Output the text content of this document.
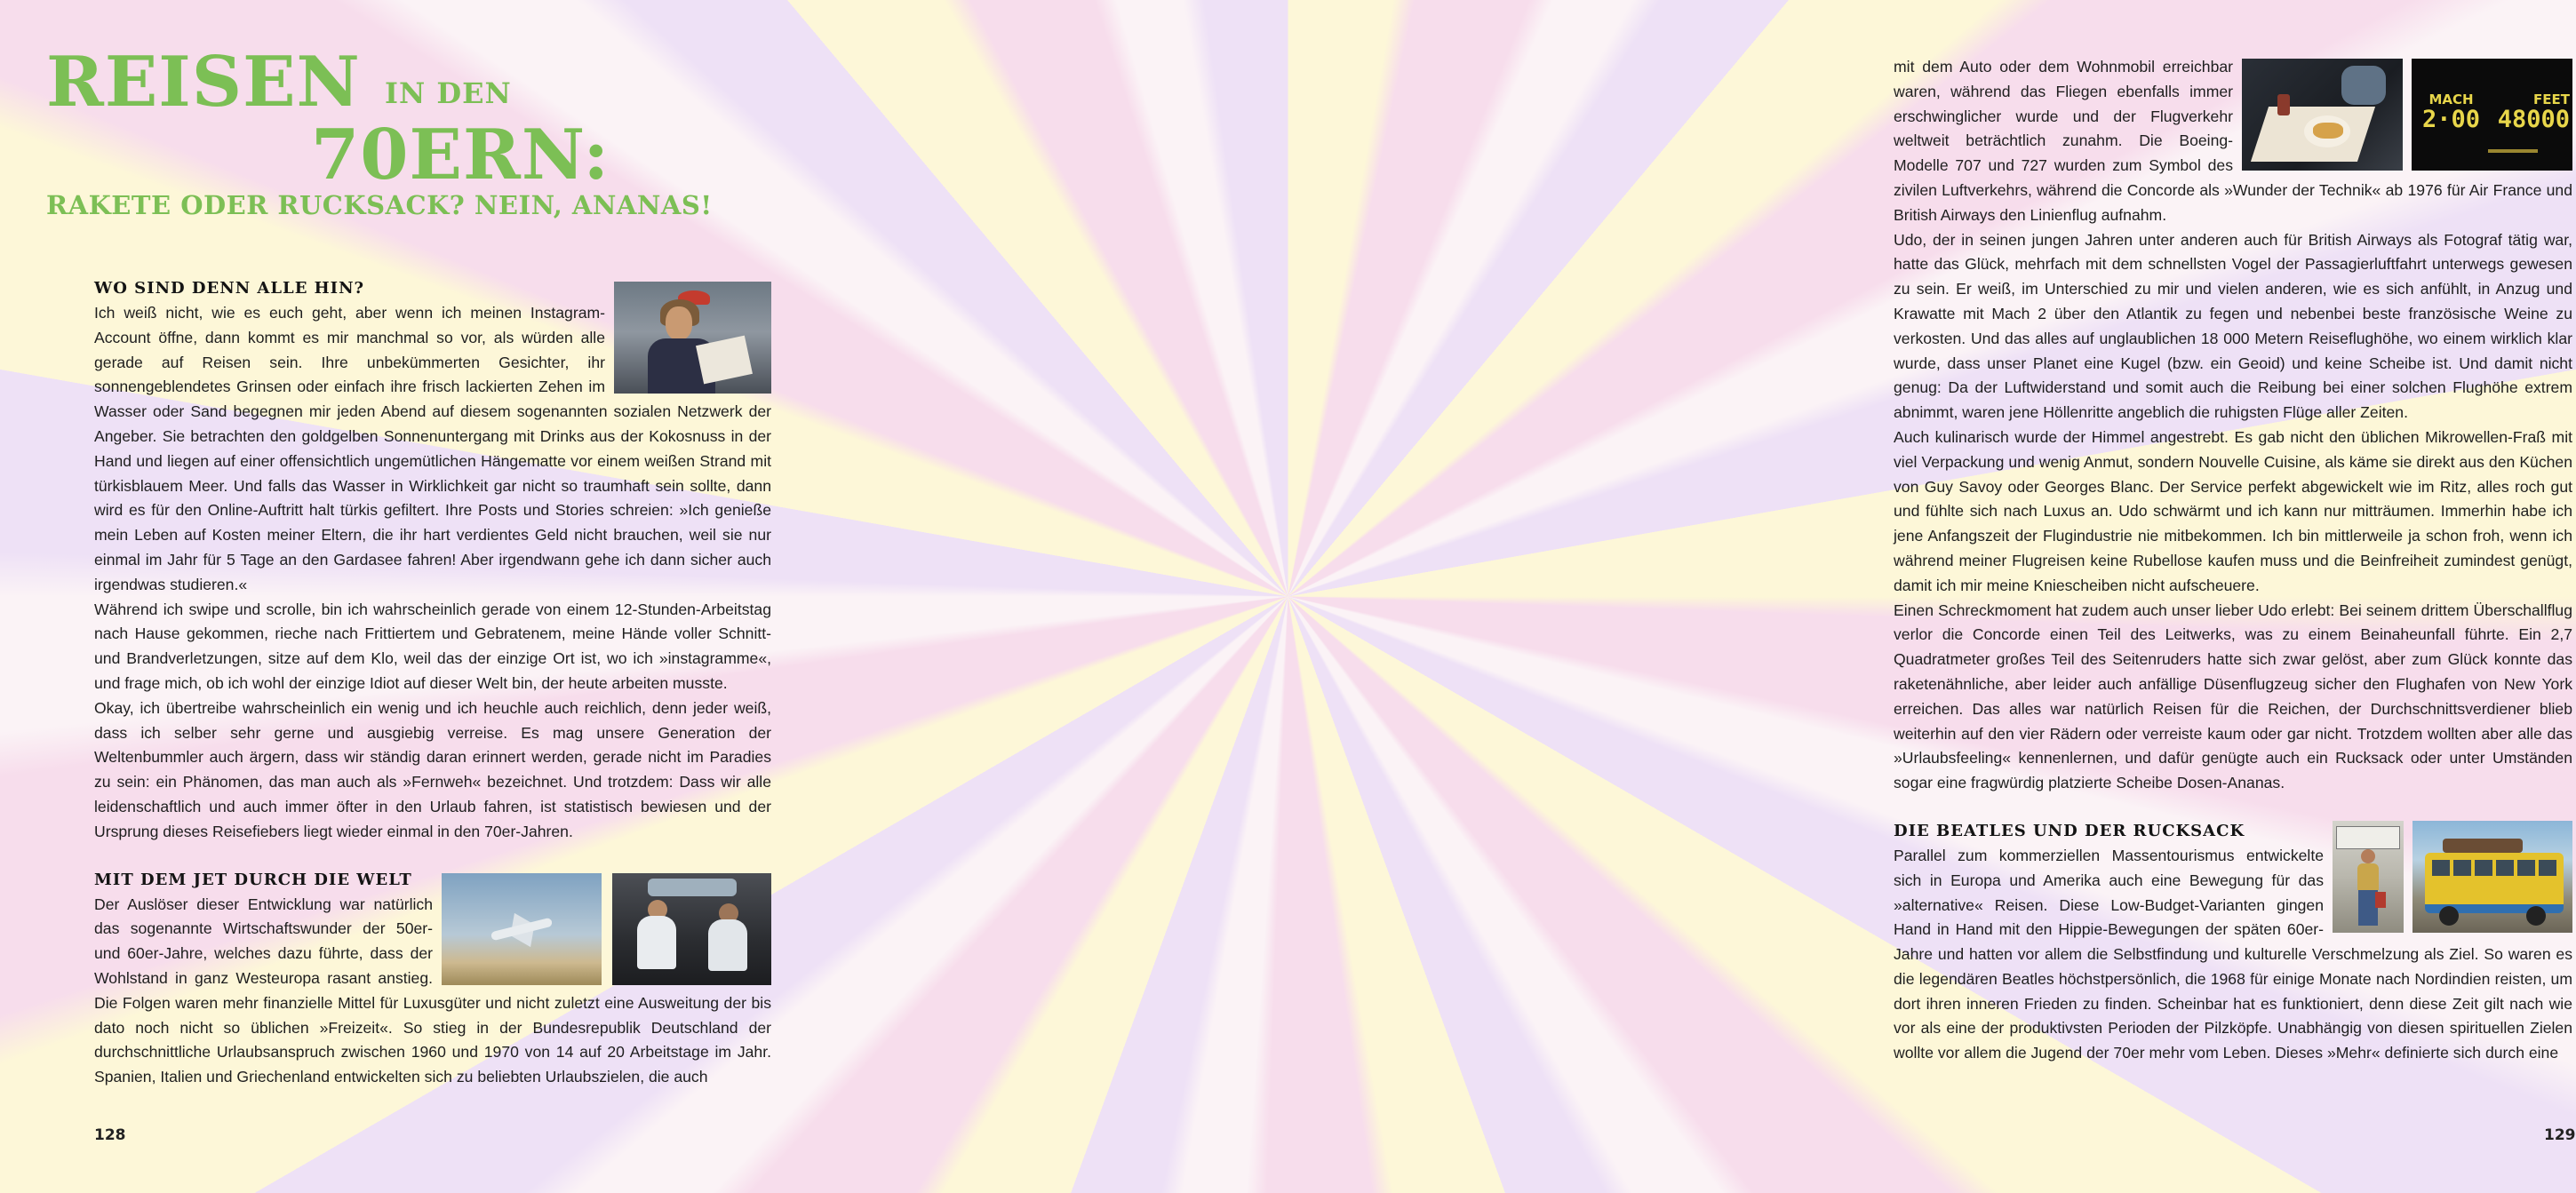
REISEN IN DEN
70ERN:
RAKETE ODER RUCKSACK? NEIN, ANANAS!
WO SIND DENN ALLE HIN?

Ich weiß nicht, wie es euch geht, aber wenn ich meinen Instagram-Account öffne, dann kommt es mir manchmal so vor, als würden alle gerade auf Reisen sein. Ihre unbekümmerten Gesichter, ihr sonnengeblendetes Grinsen oder einfach ihre frisch lackierten Zehen im Wasser oder Sand begegnen mir jeden Abend auf diesem sogenannten sozialen Netzwerk der Angeber. Sie betrachten den goldgelben Sonnenuntergang mit Drinks aus der Kokosnuss in der Hand und liegen auf einer offensichtlich ungemütlichen Hängematte vor einem weißen Strand mit türkisblauem Meer. Und falls das Wasser in Wirklichkeit gar nicht so traumhaft sein sollte, dann wird es für den Online-Auftritt halt türkis gefiltert. Ihre Posts und Stories schreien: »Ich genieße mein Leben auf Kosten meiner Eltern, die ihr hart verdientes Geld nicht brauchen, weil sie nur einmal im Jahr für 5 Tage an den Gardasee fahren! Aber irgendwann gehe ich dann sicher auch irgendwas studieren.«

Während ich swipe und scrolle, bin ich wahrscheinlich gerade von einem 12-Stunden-Arbeitstag nach Hause gekommen, rieche nach Frittiertem und Gebratenem, meine Hände voller Schnitt- und Brandverletzungen, sitze auf dem Klo, weil das der einzige Ort ist, wo ich »instagramme«, und frage mich, ob ich wohl der einzige Idiot auf dieser Welt bin, der heute arbeiten musste.

Okay, ich übertreibe wahrscheinlich ein wenig und ich heuchle auch reichlich, denn jeder weiß, dass ich selber sehr gerne und ausgiebig verreise. Es mag unsere Generation der Weltenbummler auch ärgern, dass wir ständig daran erinnert werden, gerade nicht im Paradies zu sein: ein Phänomen, das man auch als »Fernweh« bezeichnet. Und trotzdem: Dass wir alle leidenschaftlich und auch immer öfter in den Urlaub fahren, ist statistisch bewiesen und der Ursprung dieses Reisefiebers liegt wieder einmal in den 70er-Jahren.

MIT DEM JET DURCH DIE WELT

Der Auslöser dieser Entwicklung war natürlich das sogenannte Wirtschaftswunder der 50er- und 60er-Jahre, welches dazu führte, dass der Wohlstand in ganz Westeuropa rasant anstieg. Die Folgen waren mehr finanzielle Mittel für Luxusgüter und nicht zuletzt eine Ausweitung der bis dato noch nicht so üblichen »Freizeit«. So stieg in der Bundesrepublik Deutschland der durchschnittliche Urlaubsanspruch zwischen 1960 und 1970 von 14 auf 20 Arbeitstage im Jahr. Spanien, Italien und Griechenland entwickelten sich zu beliebten Urlaubszielen, die auch

128
MACH
2·00
FEET
48000

mit dem Auto oder dem Wohnmobil erreichbar waren, während das Fliegen ebenfalls immer erschwinglicher wurde und der Flugverkehr weltweit beträchtlich zunahm. Die Boeing-Modelle 707 und 727 wurden zum Symbol des zivilen Luftverkehrs, während die Concorde als »Wunder der Technik« ab 1976 für Air France und British Airways den Linienflug aufnahm.

Udo, der in seinen jungen Jahren unter anderen auch für British Airways als Fotograf tätig war, hatte das Glück, mehrfach mit dem schnellsten Vogel der Passagierluftfahrt unterwegs gewesen zu sein. Er weiß, im Unterschied zu mir und vielen anderen, wie es sich anfühlt, in Anzug und Krawatte mit Mach 2 über den Atlantik zu fegen und nebenbei beste französische Weine zu verkosten. Und das alles auf unglaublichen 18 000 Metern Reiseflughöhe, wo einem wirklich klar wurde, dass unser Planet eine Kugel (bzw. ein Geoid) und keine Scheibe ist. Und damit nicht genug: Da der Luftwiderstand und somit auch die Reibung bei einer solchen Flughöhe extrem abnimmt, waren jene Höllenritte angeblich die ruhigsten Flüge aller Zeiten.

Auch kulinarisch wurde der Himmel angestrebt. Es gab nicht den üblichen Mikrowellen-Fraß mit viel Verpackung und wenig Anmut, sondern Nouvelle Cuisine, als käme sie direkt aus den Küchen von Guy Savoy oder Georges Blanc. Der Service perfekt abgewickelt wie im Ritz, alles roch gut und fühlte sich nach Luxus an. Udo schwärmt und ich kann nur mitträumen. Immerhin habe ich jene Anfangszeit der Flugindustrie nie mitbekommen. Ich bin mittlerweile ja schon froh, wenn ich während meiner Flugreisen keine Rubellose kaufen muss und die Beinfreiheit zumindest genügt, damit ich mir meine Kniescheiben nicht aufscheuere.

Einen Schreckmoment hat zudem auch unser lieber Udo erlebt: Bei seinem drittem Überschallflug verlor die Concorde einen Teil des Leitwerks, was zu einem Beinaheunfall führte. Ein 2,7 Quadratmeter großes Teil des Seitenruders hatte sich zwar gelöst, aber zum Glück konnte das raketenähnliche, aber leider auch anfällige Düsenflugzeug sicher den Flughafen von New York erreichen. Das alles war natürlich Reisen für die Reichen, der Durchschnittsverdiener blieb weiterhin auf den vier Rädern oder verreiste kaum oder gar nicht. Trotzdem wollten aber alle das »Urlaubsfeeling« kennenlernen, und dafür genügte auch ein Rucksack oder unter Umständen sogar eine fragwürdig platzierte Scheibe Dosen-Ananas.

DIE BEATLES UND DER RUCKSACK

Parallel zum kommerziellen Massentourismus entwickelte sich in Europa und Amerika auch eine Bewegung für das »alternative« Reisen. Diese Low-Budget-Varianten gingen Hand in Hand mit den Hippie-Bewegungen der späten 60er-Jahre und hatten vor allem die Selbstfindung und kulturelle Verschmelzung als Ziel. So waren es die legendären Beatles höchstpersönlich, die 1968 für einige Monate nach Nordindien reisten, um dort ihren inneren Frieden zu finden. Scheinbar hat es funktioniert, denn diese Zeit gilt nach wie vor als eine der produktivsten Perioden der Pilzköpfe. Unabhängig von diesen spirituellen Zielen wollte vor allem die Jugend der 70er mehr vom Leben. Dieses »Mehr« definierte sich durch eine

129
